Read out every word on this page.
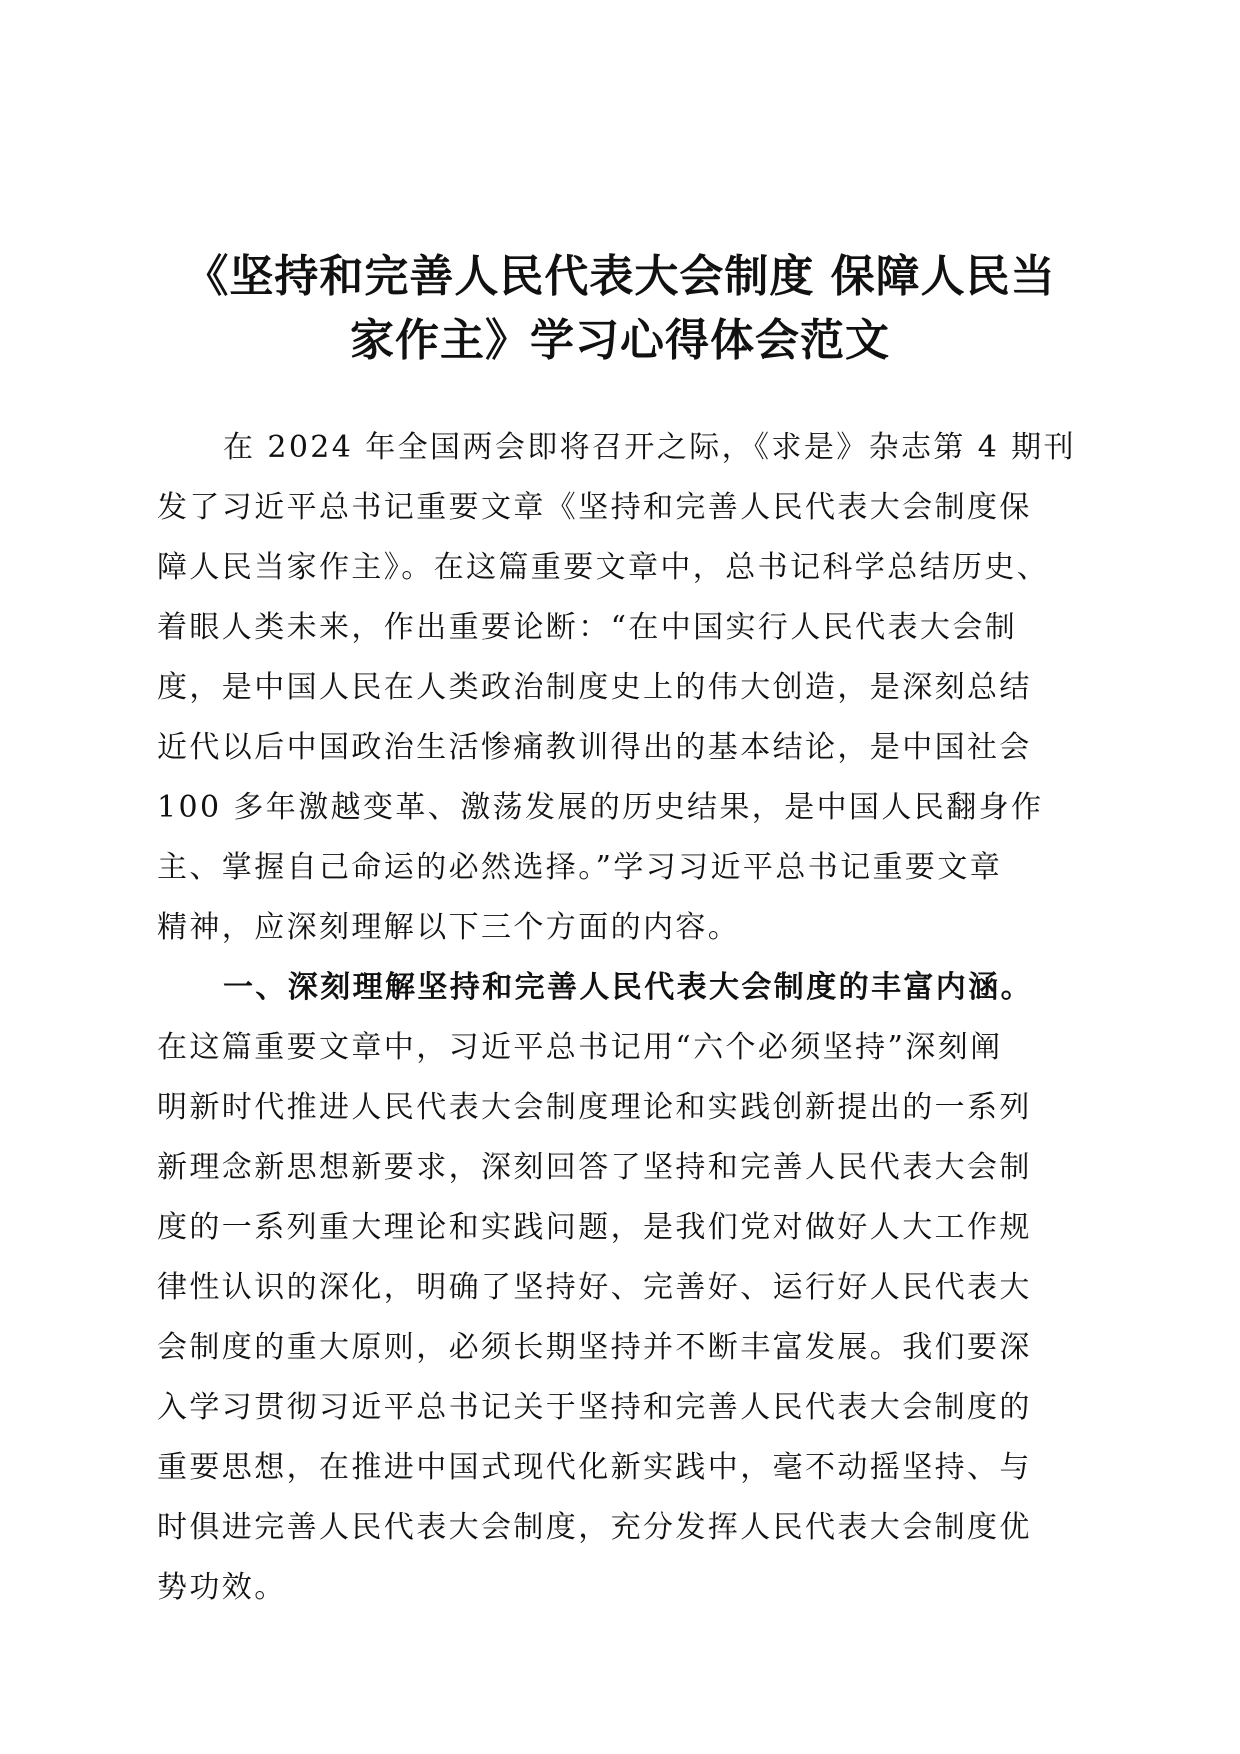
《坚持和完善人民代表大会制度 保障人民当
家作主》学习心得体会范文
在 2024 年全国两会即将召开之际，《求是》杂志第 4 期刊
发了习近平总书记重要文章《坚持和完善人民代表大会制度保
障人民当家作主》。在这篇重要文章中，总书记科学总结历史、
着眼人类未来，作出重要论断：“在中国实行人民代表大会制
度，是中国人民在人类政治制度史上的伟大创造，是深刻总结
近代以后中国政治生活惨痛教训得出的基本结论，是中国社会
100 多年激越变革、激荡发展的历史结果，是中国人民翻身作
主、掌握自己命运的必然选择。”学习习近平总书记重要文章
精神，应深刻理解以下三个方面的内容。
一、深刻理解坚持和完善人民代表大会制度的丰富内涵。
在这篇重要文章中，习近平总书记用“六个必须坚持”深刻阐
明新时代推进人民代表大会制度理论和实践创新提出的一系列
新理念新思想新要求，深刻回答了坚持和完善人民代表大会制
度的一系列重大理论和实践问题，是我们党对做好人大工作规
律性认识的深化，明确了坚持好、完善好、运行好人民代表大
会制度的重大原则，必须长期坚持并不断丰富发展。我们要深
入学习贯彻习近平总书记关于坚持和完善人民代表大会制度的
重要思想，在推进中国式现代化新实践中，毫不动摇坚持、与
时俱进完善人民代表大会制度，充分发挥人民代表大会制度优
势功效。
